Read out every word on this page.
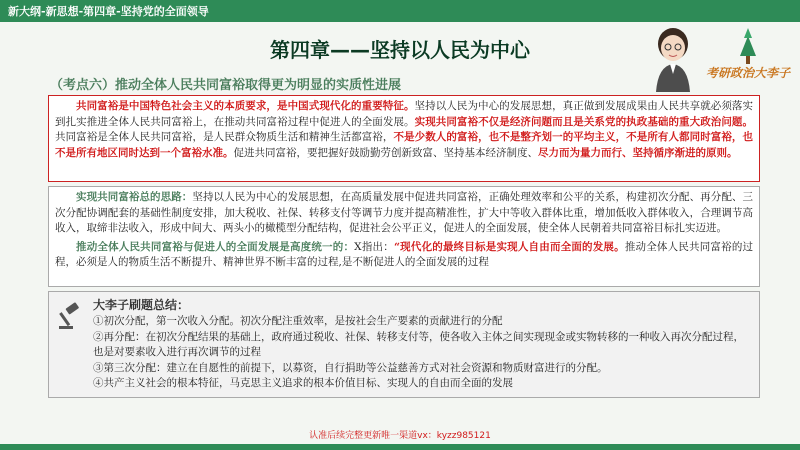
新大纲-新思想-第四章-坚持党的全面领导
第四章——坚持以人民为中心
考研政治大李子
（考点六）推动全体人民共同富裕取得更为明显的实质性进展

共同富裕是中国特色社会主义的本质要求，是中国式现代化的重要特征。坚持以人民为中心的发展思想，真正做到发展成果由人民共享就必须落实到扎实推进全体人民共同富裕上，在推动共同富裕过程中促进人的全面发展。实现共同富裕不仅是经济问题而且是关系党的执政基础的重大政治问题。共同富裕是全体人民共同富裕，是人民群众物质生活和精神生活都富裕，不是少数人的富裕，也不是整齐划一的平均主义，不是所有人都同时富裕，也不是所有地区同时达到一个富裕水准。促进共同富裕，要把握好鼓励勤劳创新致富、坚持基本经济制度、尽力而为量力而行、坚持循序渐进的原则。

实现共同富裕总的思路：坚持以人民为中心的发展思想，在高质量发展中促进共同富裕，正确处理效率和公平的关系，构建初次分配、再分配、三次分配协调配套的基础性制度安排，加大税收、社保、转移支付等调节力度并提高精准性，扩大中等收入群体比重，增加低收入群体收入，合理调节高收入，取缔非法收入，形成中间大、两头小的橄榄型分配结构，促进社会公平正义，促进人的全面发展，使全体人民朝着共同富裕目标扎实迈进。

推动全体人民共同富裕与促进人的全面发展是高度统一的：X指出：“现代化的最终目标是实现人自由而全面的发展。推动全体人民共同富裕的过程，必须是人的物质生活不断提升、精神世界不断丰富的过程,是不断促进人的全面发展的过程

大李子刷题总结：
①初次分配，第一次收入分配。初次分配注重效率，是按社会生产要素的贡献进行的分配
②再分配：在初次分配结果的基础上，政府通过税收、社保、转移支付等，使各收入主体之间实现现金或实物转移的一种收入再次分配过程，也是对要素收入进行再次调节的过程
③第三次分配：建立在自愿性的前提下，以募资，自行捐助等公益慈善方式对社会资源和物质财富进行的分配。
④共产主义社会的根本特征，马克思主义追求的根本价值目标、实现人的自由而全面的发展
认准后续完整更新唯一渠道vx：kyzz985121
